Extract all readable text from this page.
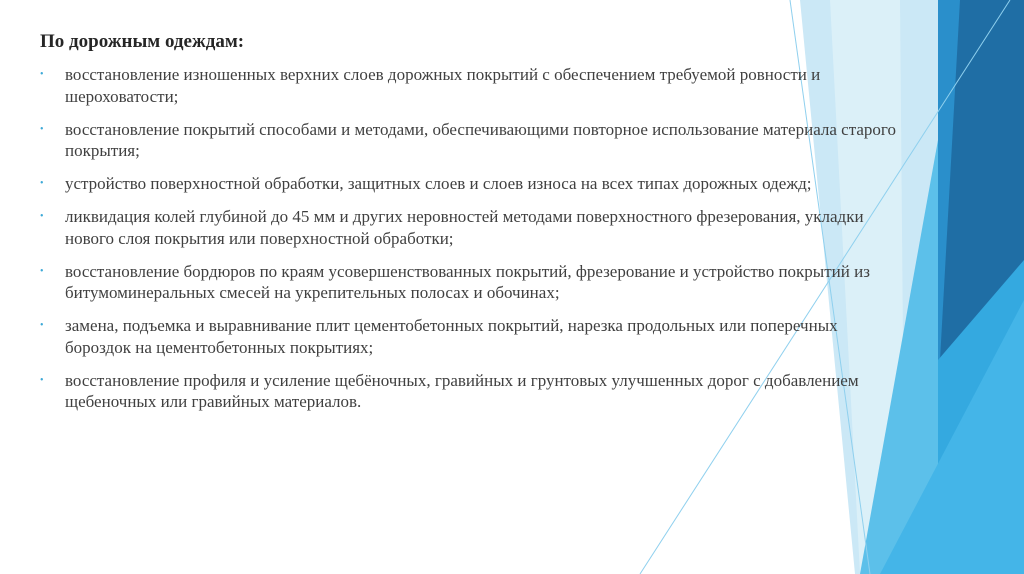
По дорожным одеждам:
• восстановление изношенных верхних слоев дорожных покрытий с обеспечением требуемой ровности и шероховатости;
• восстановление покрытий способами и методами, обеспечивающими повторное использование материала старого покрытия;
• устройство поверхностной обработки, защитных слоев и слоев износа на всех типах дорожных одежд;
• ликвидация колей глубиной до 45 мм и других неровностей методами поверхностного фрезерования, укладки нового слоя покрытия или поверхностной обработки;
• восстановление бордюров по краям усовершенствованных покрытий, фрезерование и устройство покрытий из битумоминеральных смесей на укрепительных полосах и обочинах;
• замена, подъемка и выравнивание плит цементобетонных покрытий, нарезка продольных или поперечных бороздок на цементобетонных покрытиях;
• восстановление профиля и усиление щебёночных, гравийных и грунтовых улучшенных дорог с добавлением щебеночных или гравийных материалов.
